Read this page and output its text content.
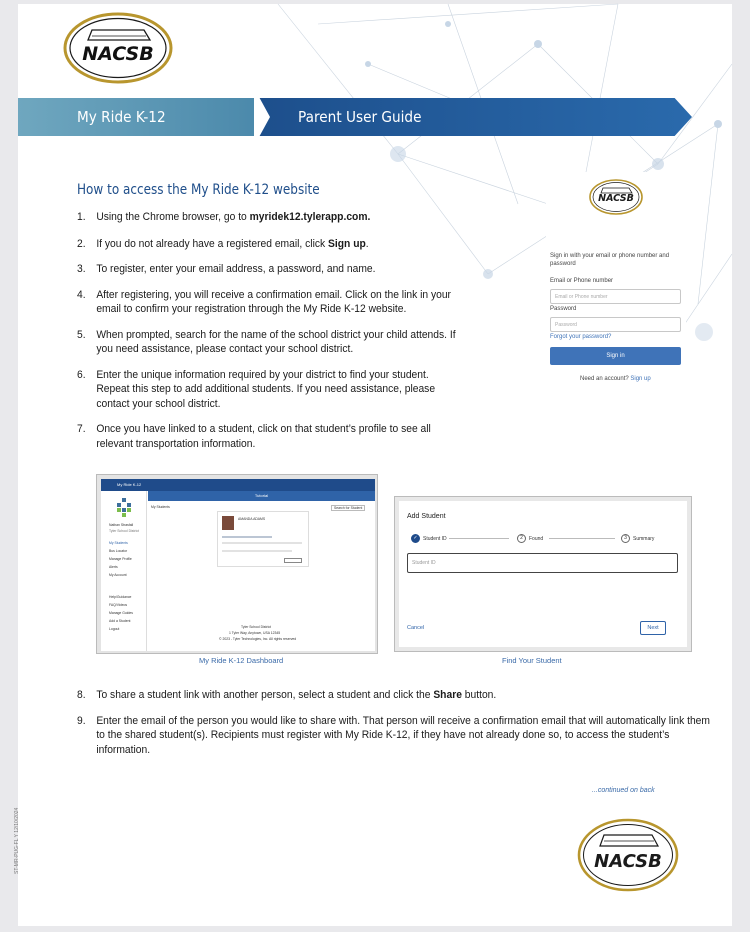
NACSB
My Ride K-12	Parent User Guide
How to access the My Ride K-12 website
1. Using the Chrome browser, go to myridek12.tylerapp.com.
2. If you do not already have a registered email, click Sign up.
3. To register, enter your email address, a password, and name.
4. After registering, you will receive a confirmation email. Click on the link in your email to confirm your registration through the My Ride K-12 website.
5. When prompted, search for the name of the school district your child attends. If you need assistance, please contact your school district.
6. Enter the unique information required by your district to find your student. Repeat this step to add additional students. If you need assistance, please contact your school district.
7. Once you have linked to a student, click on that student’s profile to see all relevant transportation information.
NACSB
Sign in with your email or phone number and password
Email or Phone number
Email or Phone number
Password
Password
Forgot your password?
Sign in
Need an account? Sign up
My Ride K-12
Tutorial
My Students	Search for Student
Nathan Strasfall
Tyler School District
My Students
Bus Locator
Manage Profile
Alerts
My Account
Help/Guidance
FAQ/Videos
Manage Guides
Add a Student
Logout
AMANDA ADAMS
Tyler School District
1 Tyler Way, Anytown, USA 12345
© 2023 - Tyler Technologies, Inc. All rights reserved
My Ride K-12 Dashboard
Add Student
✓	Student ID	2	Found	3	Summary
Student ID
Cancel	Next
Find Your Student
8. To share a student link with another person, select a student and click the Share button.
9. Enter the email of the person you would like to share with. That person will receive a confirmation email that will automatically link them to the shared student(s). Recipients must register with My Ride K-12, if they have not already done so, to access the student’s information.
...continued on back
NACSB
ST-MR-PUG-FL Y 12/10/2024
